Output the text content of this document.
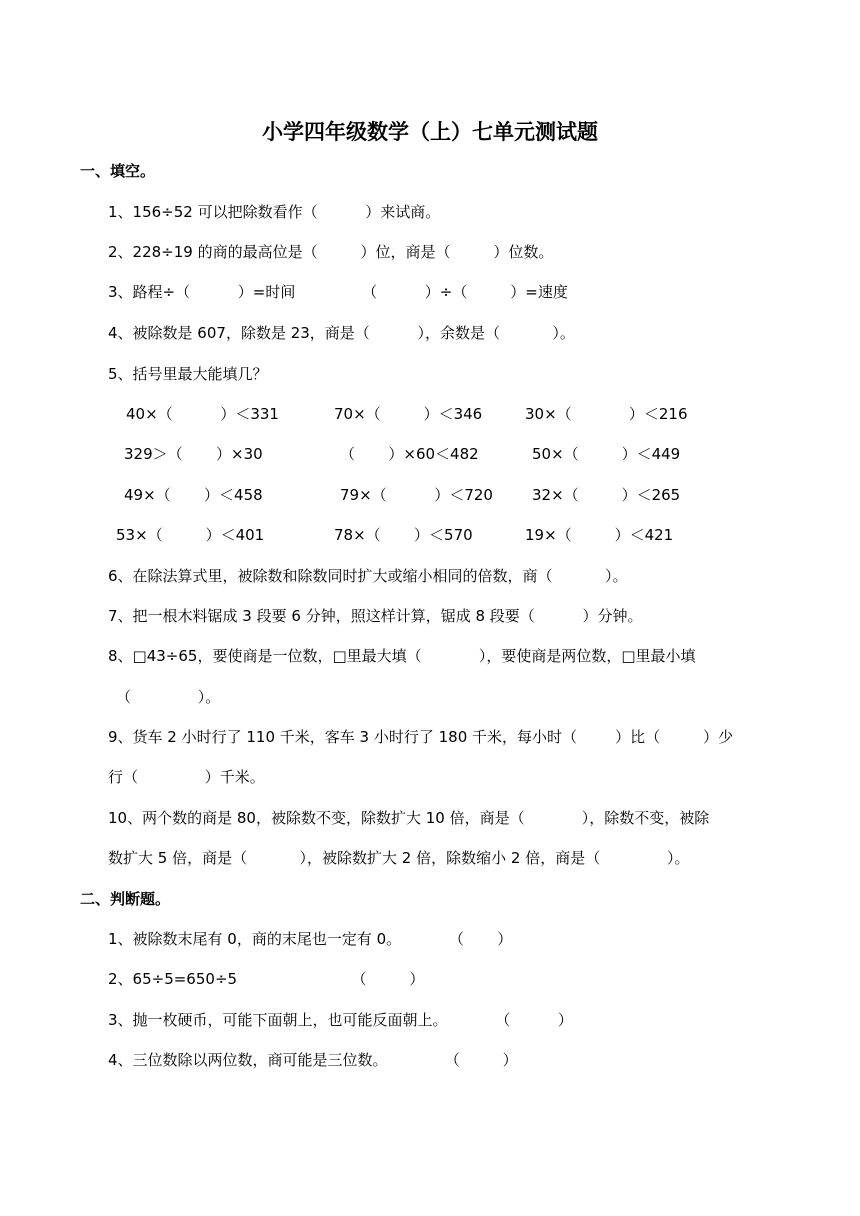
小学四年级数学（上）七单元测试题
一、填空。
1、156÷52 可以把除数看作（          ）来试商。
2、228÷19 的商的最高位是（         ）位，商是（         ）位数。
3、路程÷（          ）=时间              （          ）÷（         ）=速度
4、被除数是 607，除数是 23，商是（          ），余数是（           ）。
5、括号里最大能填几？
40×（          ）＜331	70×（         ）＜346	30×（            ）＜216
329＞（       ）×30	（       ）×60＜482	50×（         ）＜449
49×（       ）＜458	79×（          ）＜720	32×（         ）＜265
53×（         ）＜401	78×（       ）＜570	19×（         ）＜421
6、在除法算式里，被除数和除数同时扩大或缩小相同的倍数，商（           ）。
7、把一根木料锯成 3 段要 6 分钟，照这样计算，锯成 8 段要（          ）分钟。
8、□43÷65，要使商是一位数，□里最大填（            ），要使商是两位数，□里最小填
（              ）。
9、货车 2 小时行了 110 千米，客车 3 小时行了 180 千米，每小时（        ）比（         ）少
行（              ）千米。
10、两个数的商是 80，被除数不变，除数扩大 10 倍，商是（            ），除数不变，被除
数扩大 5 倍，商是（           ），被除数扩大 2 倍，除数缩小 2 倍，商是（              ）。
二、判断题。
1、被除数末尾有 0，商的末尾也一定有 0。          （       ）
2、65÷5=650÷5                        （         ）
3、抛一枚硬币，可能下面朝上，也可能反面朝上。          （          ）
4、三位数除以两位数，商可能是三位数。            （         ）
